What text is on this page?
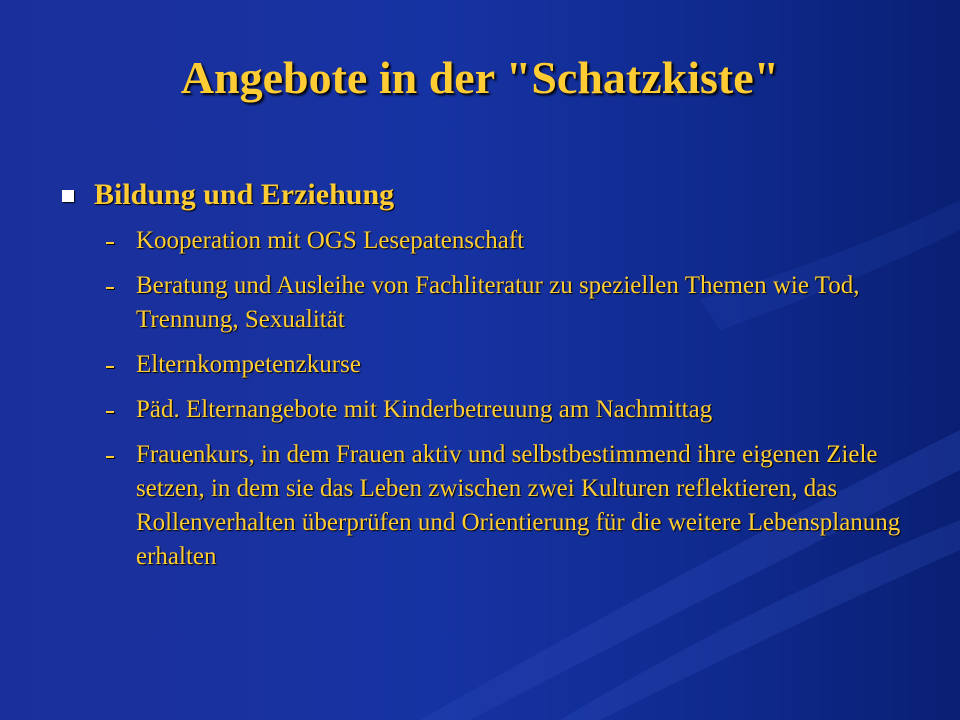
Angebote in der "Schatzkiste"
Bildung und Erziehung
Kooperation mit OGS Lesepatenschaft
Beratung und Ausleihe von Fachliteratur zu speziellen Themen wie Tod, Trennung, Sexualität
Elternkompetenzkurse
Päd. Elternangebote mit Kinderbetreuung am Nachmittag
Frauenkurs, in dem Frauen aktiv und selbstbestimmend ihre eigenen Ziele setzen, in dem sie das Leben zwischen zwei Kulturen reflektieren, das Rollenverhalten überprüfen und Orientierung für die weitere Lebensplanung erhalten
